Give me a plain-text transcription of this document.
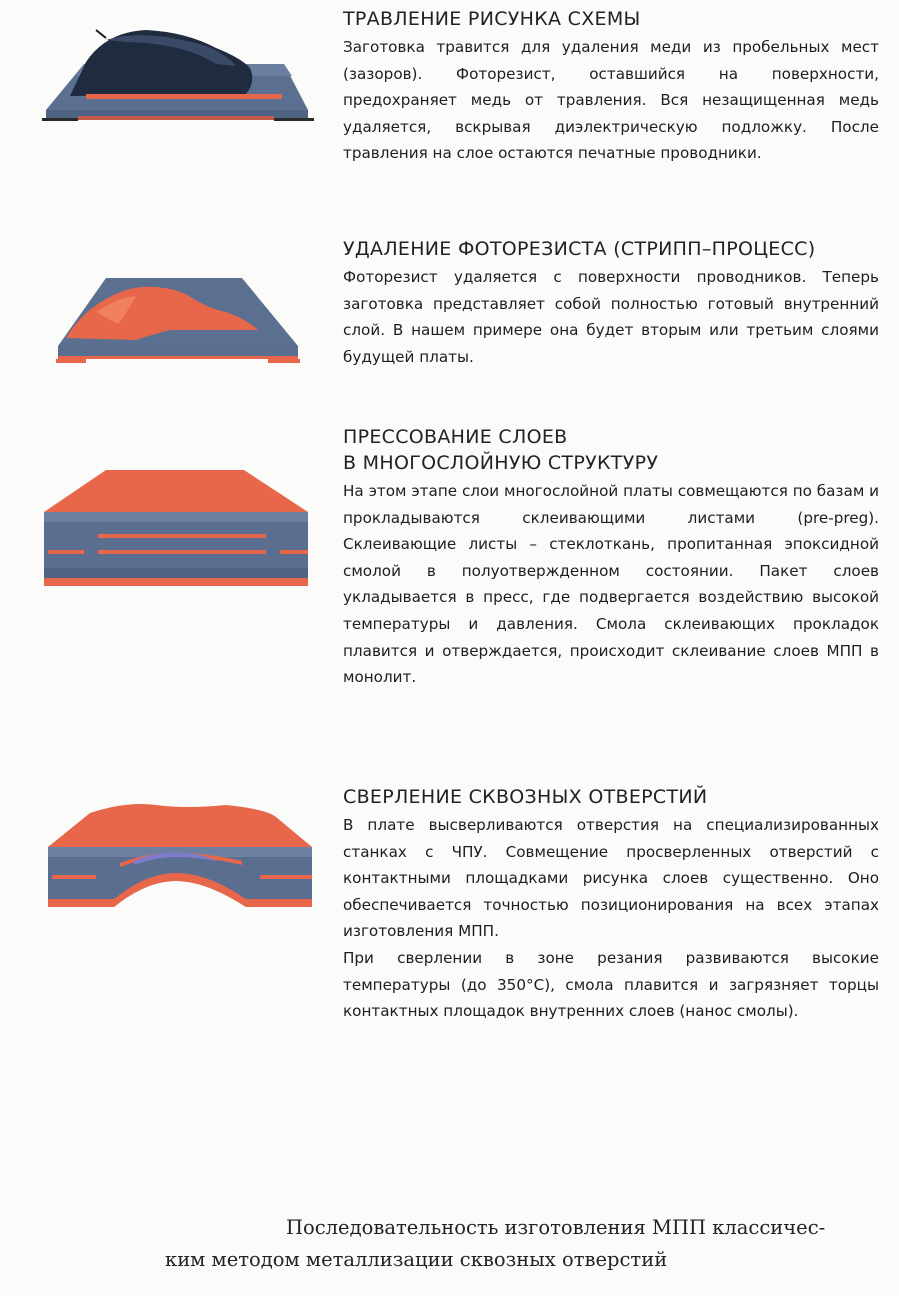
ТРАВЛЕНИЕ РИСУНКА СХЕМЫ

Заготовка травится для удаления меди из пробельных мест (зазоров). Фоторезист, оставшийся на поверхности, предохраняет медь от травления. Вся незащищенная медь удаляется, вскрывая диэлектрическую подложку. После травления на слое остаются печатные проводники.

УДАЛЕНИЕ ФОТОРЕЗИСТА (СТРИПП–ПРОЦЕСС)

Фоторезист удаляется с поверхности проводников. Теперь заготовка представляет собой полностью готовый внутренний слой. В нашем примере она будет вторым или третьим слоями будущей платы.

ПРЕССОВАНИЕ СЛОЕВ
В МНОГОСЛОЙНУЮ СТРУКТУРУ

На этом этапе слои многослойной платы совмещаются по базам и прокладываются склеивающими листами (pre-preg). Склеивающие листы – стеклоткань, пропитанная эпоксидной смолой в полуотвержденном состоянии. Пакет слоев укладывается в пресс, где подвергается воздействию высокой температуры и давления. Смола склеивающих прокладок плавится и отверждается, происходит склеивание слоев МПП в монолит.

СВЕРЛЕНИЕ СКВОЗНЫХ ОТВЕРСТИЙ

В плате высверливаются отверстия на специализированных станках с ЧПУ. Совмещение просверленных отверстий с контактными площадками рисунка слоев существенно. Оно обеспечивается точностью позиционирования на всех этапах изготовления МПП.

При сверлении в зоне резания развиваются высокие температуры (до 350°С), смола плавится и загрязняет торцы контактных площадок внутренних слоев (нанос смолы).

Последовательность изготовления МПП классичес-
ким методом металлизации сквозных отверстий
